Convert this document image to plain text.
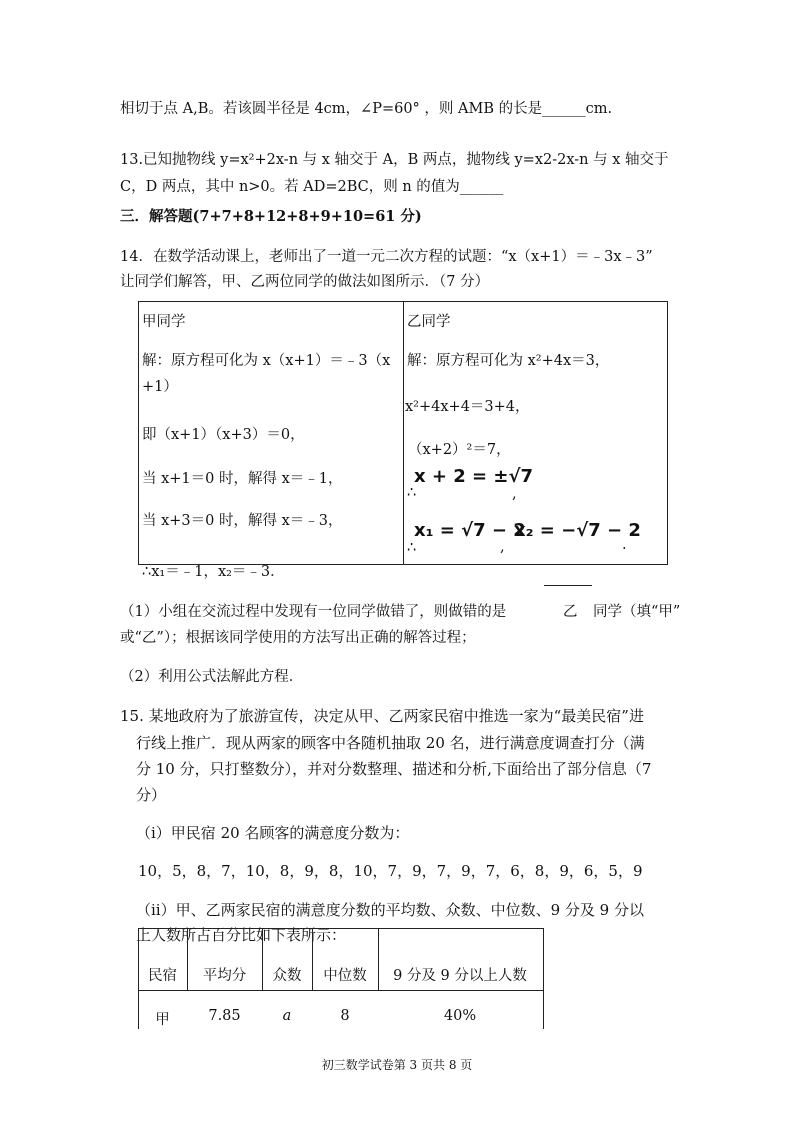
相切于点 A,B。若该圆半径是 4cm，∠P=60° ，则 AMB 的长是______cm.
13.已知抛物线 y=x²+2x-n 与 x 轴交于 A，B 两点，抛物线 y=x2-2x-n 与 x 轴交于
C，D 两点，其中 n>0。若 AD=2BC，则 n 的值为______
三．解答题(7+7+8+12+8+9+10=61 分)
14．在数学活动课上，老师出了一道一元二次方程的试题：“x（x+1）＝﹣3x﹣3”
让同学们解答，甲、乙两位同学的做法如图所示．（7 分）
甲同学
解：原方程可化为 x（x+1）＝﹣3（x
+1）
即（x+1）（x+3）＝0，
当 x+1＝0 时，解得 x＝﹣1，
当 x+3＝0 时，解得 x＝﹣3，
∴x₁＝﹣1，x₂＝﹣3．
乙同学
解：原方程可化为 x²+4x＝3，
x²+4x+4＝3+4，
（x+2）²＝7，
x + 2 = ±√7
,
∴
x₁ = √7 − 2
,
x₂ = −√7 − 2
.
∴
（1）小组在交流过程中发现有一位同学做错了，则做错的是	乙 同学（填“甲”
或“乙”）；根据该同学使用的方法写出正确的解答过程；
（2）利用公式法解此方程．
15. 某地政府为了旅游宣传，决定从甲、乙两家民宿中推选一家为“最美民宿”进
行线上推广．现从两家的顾客中各随机抽取 20 名，进行满意度调查打分（满
分 10 分，只打整数分），并对分数整理、描述和分析,下面给出了部分信息（7
分）
（ⅰ）甲民宿 20 名顾客的满意度分数为：
10，5，8，7，10，8，9，8，10，7，9，7，9，7，6，8，9，6，5，9
（ⅱ）甲、乙两家民宿的满意度分数的平均数、众数、中位数、9 分及 9 分以
上人数所占百分比如下表所示：
民宿	平均分	众数	中位数	9 分及 9 分以上人数
甲	7.85	a	8	40%
初三数学试卷第 3 页共 8 页
